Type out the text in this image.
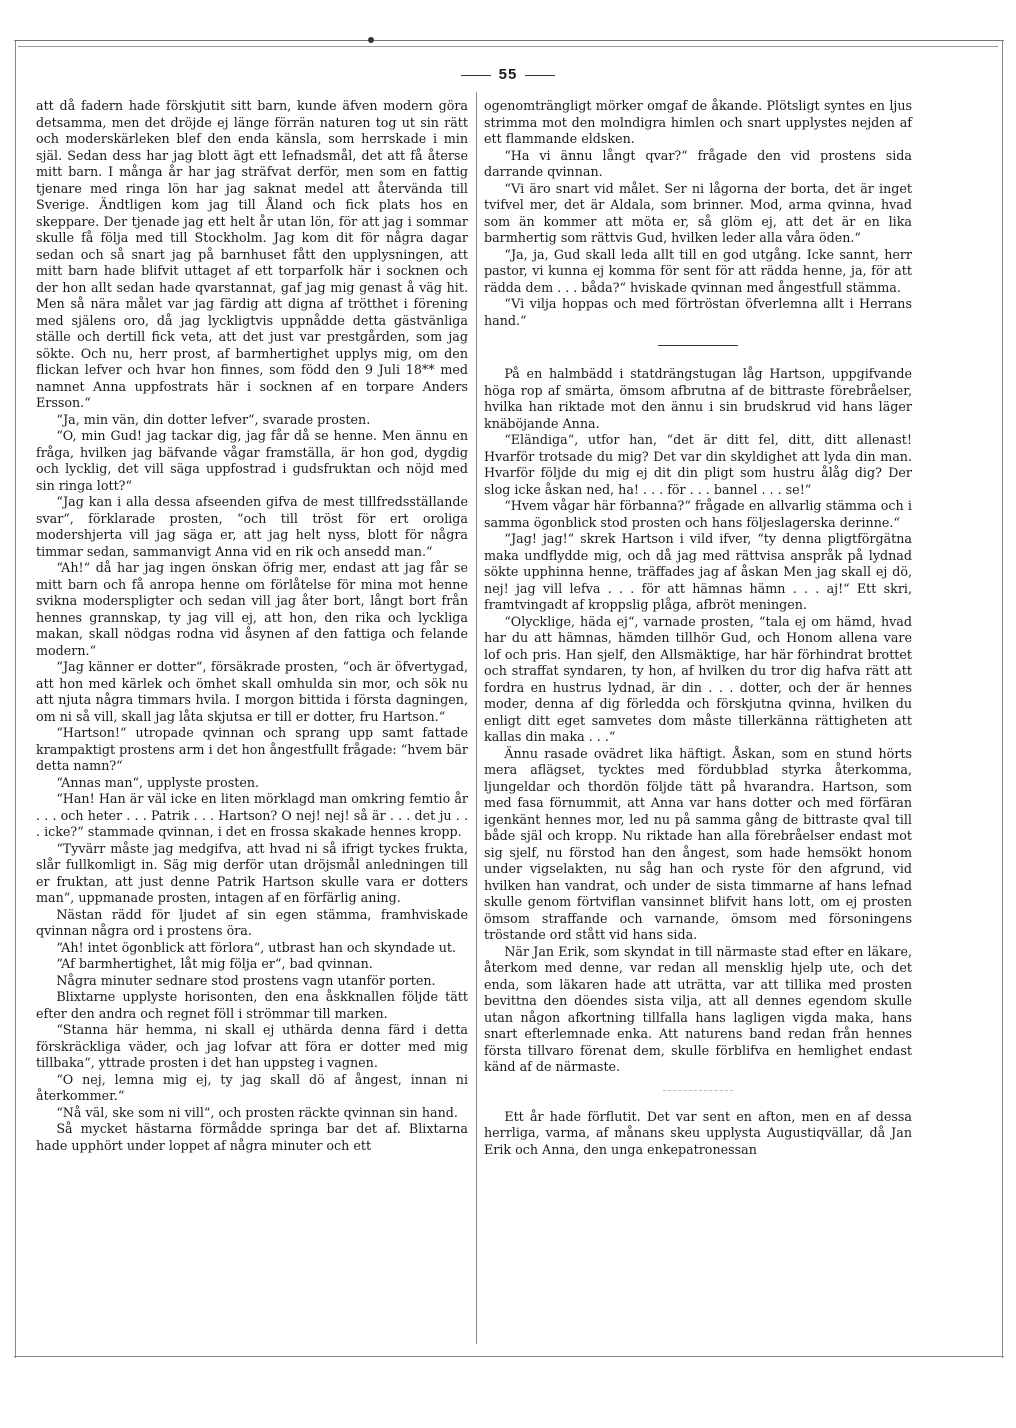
55

att då fadern hade förskjutit sitt barn, kunde äfven modern göra detsamma, men det dröjde ej länge förrän naturen tog ut sin rätt och moderskärleken blef den enda känsla, som herrskade i min själ. Sedan dess har jag blott ägt ett lefnadsmål, det att få återse mitt barn. I många år har jag sträfvat derför, men som en fattig tjenare med ringa lön har jag saknat medel att återvända till Sverige. Ändtligen kom jag till Åland och fick plats hos en skeppare. Der tjenade jag ett helt år utan lön, för att jag i sommar skulle få följa med till Stockholm. Jag kom dit för några dagar sedan och så snart jag på barnhuset fått den upplysningen, att mitt barn hade blifvit uttaget af ett torparfolk här i socknen och der hon allt sedan hade qvarstannat, gaf jag mig genast å väg hit. Men så nära målet var jag färdig att digna af trötthet i förening med själens oro, då jag lyckligtvis uppnådde detta gästvänliga ställe och dertill fick veta, att det just var prestgården, som jag sökte. Och nu, herr prost, af barmhertighet upplys mig, om den flickan lefver och hvar hon finnes, som född den 9 Juli 18** med namnet Anna uppfostrats här i socknen af en torpare Anders Ersson.“

“Ja, min vän, din dotter lefver“, svarade prosten.

“O, min Gud! jag tackar dig, jag får då se henne. Men ännu en fråga, hvilken jag bäfvande vågar framställa, är hon god, dygdig och lycklig, det vill säga uppfostrad i gudsfruktan och nöjd med sin ringa lott?“

“Jag kan i alla dessa afseenden gifva de mest tillfredsställande svar“, förklarade prosten, “och till tröst för ert oroliga modershjerta vill jag säga er, att jag helt nyss, blott för några timmar sedan, sammanvigt Anna vid en rik och ansedd man.“

“Ah!“ då har jag ingen önskan öfrig mer, endast att jag får se mitt barn och få anropa henne om förlåtelse för mina mot henne svikna moderspligter och sedan vill jag åter bort, långt bort från hennes grannskap, ty jag vill ej, att hon, den rika och lyckliga makan, skall nödgas rodna vid åsynen af den fattiga och felande modern.“

“Jag känner er dotter“, försäkrade prosten, “och är öfvertygad, att hon med kärlek och ömhet skall omhulda sin mor, och sök nu att njuta några timmars hvila. I morgon bittida i första dagningen, om ni så vill, skall jag låta skjutsa er till er dotter, fru Hartson.“

“Hartson!“ utropade qvinnan och sprang upp samt fattade krampaktigt prostens arm i det hon ångestfullt frågade: “hvem bär detta namn?“

“Annas man“, upplyste prosten.

“Han! Han är väl icke en liten mörklagd man omkring femtio år . . . och heter . . . Patrik . . . Hartson? O nej! nej! så är . . . det ju . . . icke?“ stammade qvinnan, i det en frossa skakade hennes kropp.

“Tyvärr måste jag medgifva, att hvad ni så ifrigt tyckes frukta, slår fullkomligt in. Säg mig derför utan dröjsmål anledningen till er fruktan, att just denne Patrik Hartson skulle vara er dotters man“, uppmanade prosten, intagen af en förfärlig aning.

Nästan rädd för ljudet af sin egen stämma, framhviskade qvinnan några ord i prostens öra.

“Ah! intet ögonblick att förlora“, utbrast han och skyndade ut.

“Af barmhertighet, låt mig följa er“, bad qvinnan.

Några minuter sednare stod prostens vagn utanför porten.

Blixtarne upplyste horisonten, den ena åskknallen följde tätt efter den andra och regnet föll i strömmar till marken.

“Stanna här hemma, ni skall ej uthärda denna färd i detta förskräckliga väder, och jag lofvar att föra er dotter med mig tillbaka“, yttrade prosten i det han uppsteg i vagnen.

“O nej, lemna mig ej, ty jag skall dö af ångest, innan ni återkommer.“

“Nå väl, ske som ni vill“, och prosten räckte qvinnan sin hand.

Så mycket hästarna förmådde springa bar det af. Blixtarna hade upphört under loppet af några minuter och ett

ogenomträngligt mörker omgaf de åkande. Plötsligt syntes en ljus strimma mot den molndigra himlen och snart upplystes nejden af ett flammande eldsken.

“Ha vi ännu långt qvar?“ frågade den vid prostens sida darrande qvinnan.

“Vi äro snart vid målet. Ser ni lågorna der borta, det är inget tvifvel mer, det är Aldala, som brinner. Mod, arma qvinna, hvad som än kommer att möta er, så glöm ej, att det är en lika barmhertig som rättvis Gud, hvilken leder alla våra öden.“

“Ja, ja, Gud skall leda allt till en god utgång. Icke sannt, herr pastor, vi kunna ej komma för sent för att rädda henne, ja, för att rädda dem . . . båda?“ hviskade qvinnan med ångestfull stämma.

“Vi vilja hoppas och med förtröstan öfverlemna allt i Herrans hand.“

På en halmbädd i statdrängstugan låg Hartson, uppgifvande höga rop af smärta, ömsom afbrutna af de bittraste förebråelser, hvilka han riktade mot den ännu i sin brudskrud vid hans läger knäböjande Anna.

“Eländiga“, utfor han, “det är ditt fel, ditt, ditt allenast! Hvarför trotsade du mig? Det var din skyldighet att lyda din man. Hvarför följde du mig ej dit din pligt som hustru ålåg dig? Der slog icke åskan ned, ha! . . . för . . . bannel . . . se!“

“Hvem vågar här förbanna?“ frågade en allvarlig stämma och i samma ögonblick stod prosten och hans följeslagerska derinne.“

“Jag! jag!“ skrek Hartson i vild ifver, “ty denna pligtförgätna maka undflydde mig, och då jag med rättvisa anspråk på lydnad sökte upphinna henne, träffades jag af åskan Men jag skall ej dö, nej! jag vill lefva . . . för att hämnas hämn . . . aj!“ Ett skri, framtvingadt af kroppslig plåga, afbröt meningen.

“Olycklige, häda ej“, varnade prosten, “tala ej om hämd, hvad har du att hämnas, hämden tillhör Gud, och Honom allena vare lof och pris. Han sjelf, den Allsmäktige, har här förhindrat brottet och straffat syndaren, ty hon, af hvilken du tror dig hafva rätt att fordra en hustrus lydnad, är din . . . dotter, och der är hennes moder, denna af dig förledda och förskjutna qvinna, hvilken du enligt ditt eget samvetes dom måste tillerkänna rättigheten att kallas din maka . . .“

Ännu rasade ovädret lika häftigt. Åskan, som en stund hörts mera aflägset, tycktes med fördubblad styrka återkomma, ljungeldar och thordön följde tätt på hvarandra. Hartson, som med fasa förnummit, att Anna var hans dotter och med förfäran igenkänt hennes mor, led nu på samma gång de bittraste qval till både själ och kropp. Nu riktade han alla förebråelser endast mot sig sjelf, nu förstod han den ångest, som hade hemsökt honom under vigselakten, nu såg han och ryste för den afgrund, vid hvilken han vandrat, och under de sista timmarne af hans lefnad skulle genom förtviflan vansinnet blifvit hans lott, om ej prosten ömsom straffande och varnande, ömsom med försoningens tröstande ord stått vid hans sida.

När Jan Erik, som skyndat in till närmaste stad efter en läkare, återkom med denne, var redan all mensklig hjelp ute, och det enda, som läkaren hade att uträtta, var att tillika med prosten bevittna den döendes sista vilja, att all dennes egendom skulle utan någon afkortning tillfalla hans lagligen vigda maka, hans snart efterlemnade enka. Att naturens band redan från hennes första tillvaro förenat dem, skulle förblifva en hemlighet endast känd af de närmaste.

Ett år hade förflutit. Det var sent en afton, men en af dessa herrliga, varma, af månans skeu upplysta Augustiqvällar, då Jan Erik och Anna, den unga enkepatronessan
